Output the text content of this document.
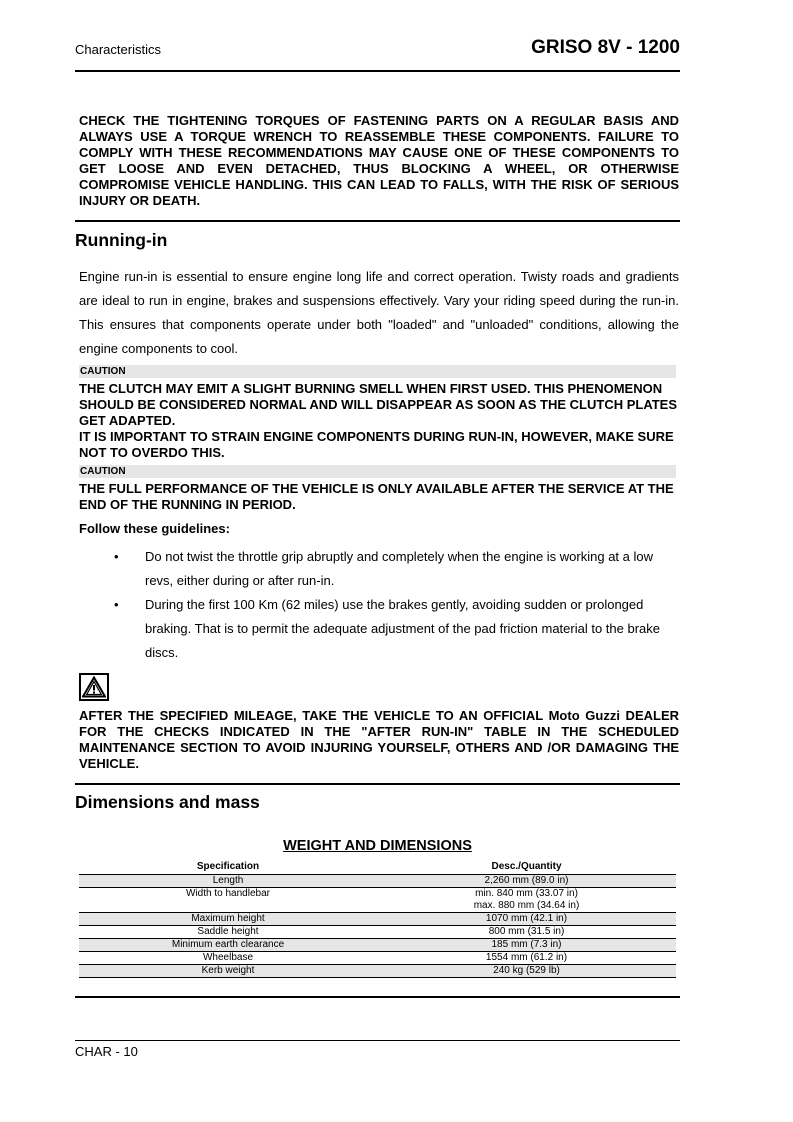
Characteristics	GRISO 8V - 1200

CHECK THE TIGHTENING TORQUES OF FASTENING PARTS ON A REGULAR BASIS AND ALWAYS USE A TORQUE WRENCH TO REASSEMBLE THESE COMPONENTS. FAILURE TO COMPLY WITH THESE RECOMMENDATIONS MAY CAUSE ONE OF THESE COMPONENTS TO GET LOOSE AND EVEN DETACHED, THUS BLOCKING A WHEEL, OR OTHERWISE COMPROMISE VEHICLE HANDLING. THIS CAN LEAD TO FALLS, WITH THE RISK OF SERIOUS INJURY OR DEATH.

Running-in
Engine run-in is essential to ensure engine long life and correct operation. Twisty roads and gradients are ideal to run in engine, brakes and suspensions effectively. Vary your riding speed during the run-in. This ensures that components operate under both "loaded" and "unloaded" conditions, allowing the engine components to cool.
CAUTION

THE CLUTCH MAY EMIT A SLIGHT BURNING SMELL WHEN FIRST USED. THIS PHENOMENON SHOULD BE CONSIDERED NORMAL AND WILL DISAPPEAR AS SOON AS THE CLUTCH PLATES GET ADAPTED.

IT IS IMPORTANT TO STRAIN ENGINE COMPONENTS DURING RUN-IN, HOWEVER, MAKE SURE NOT TO OVERDO THIS.

CAUTION

THE FULL PERFORMANCE OF THE VEHICLE IS ONLY AVAILABLE AFTER THE SERVICE AT THE END OF THE RUNNING IN PERIOD.

Follow these guidelines:
• Do not twist the throttle grip abruptly and completely when the engine is working at a low revs, either during or after run-in.
• During the first 100 Km (62 miles) use the brakes gently, avoiding sudden or prolonged braking. That is to permit the adequate adjustment of the pad friction material to the brake discs.

AFTER THE SPECIFIED MILEAGE, TAKE THE VEHICLE TO AN OFFICIAL Moto Guzzi DEALER FOR THE CHECKS INDICATED IN THE "AFTER RUN-IN" TABLE IN THE SCHEDULED MAINTENANCE SECTION TO AVOID INJURING YOURSELF, OTHERS AND /OR DAMAGING THE VEHICLE.

Dimensions and mass
WEIGHT AND DIMENSIONS
Specification	Desc./Quantity
Length	2,260 mm (89.0 in)
Width to handlebar	min. 840 mm (33.07 in)
max. 880 mm (34.64 in)

Maximum height	1070 mm (42.1 in)
Saddle height	800 mm (31.5 in)
Minimum earth clearance	185 mm (7.3 in)
Wheelbase	1554 mm (61.2 in)
Kerb weight	240 kg (529 lb)
CHAR - 10
